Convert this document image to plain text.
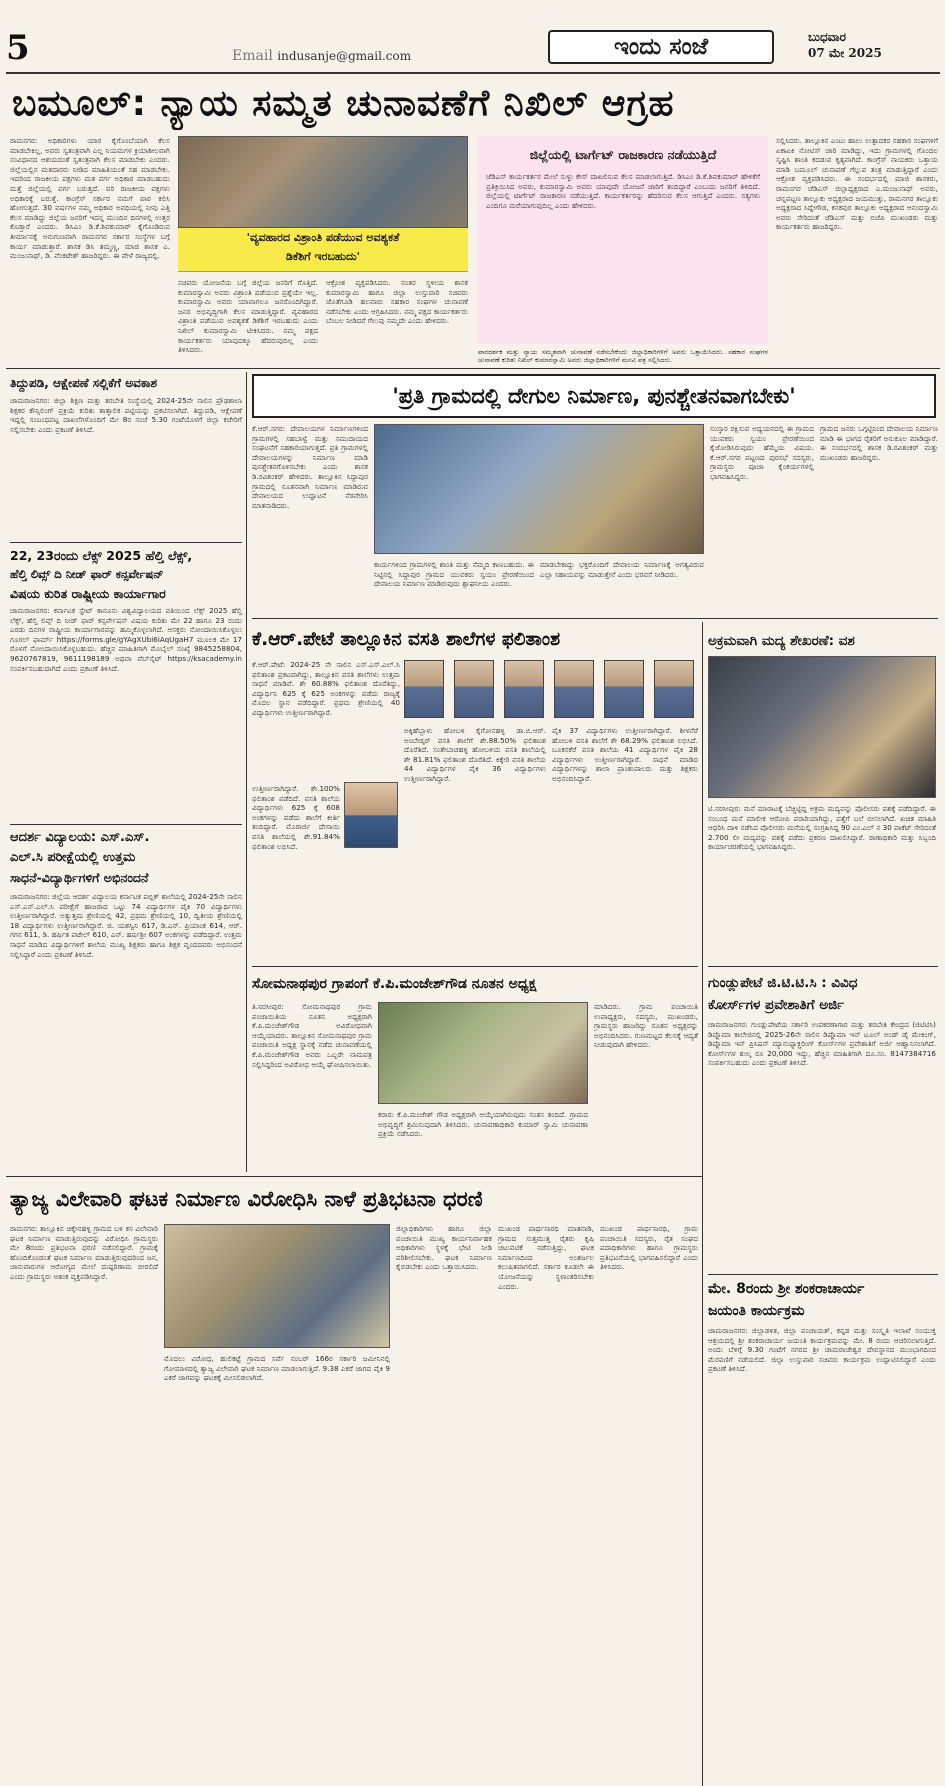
5	Email indusanje@gmail.com	ಇಂದು ಸಂಜೆ	ಬುಧವಾರ
07 ಮೇ 2025
ಬಮೂಲ್: ನ್ಯಾಯ ಸಮ್ಮತ ಚುನಾವಣೆಗೆ ನಿಖಿಲ್ ಆಗ್ರಹ
ರಾಮನಗರ: ಅಧಿಕಾರಿಗಳು ಯಾರ ಕೈಗೊಂಬೆಯಾಗಿ ಕೆಲಸ ಮಾಡಬೇಕಿಲ್ಲ, ಅವರು ಸ್ವತಂತ್ರವಾಗಿ ಎಲ್ಲ ನಿಯಮಗಳ ಕ್ರಿಯಾಶೀಲವಾಗಿ ಸಂವಿಧಾನದ ಆಶಯದಂತೆ ಸ್ವತಂತ್ರವಾಗಿ ಕೆಲಸ ಮಾಡಬೇಕು ಎಂದರು. ಜಿಲ್ಲೆಯಲ್ಲಿನ ಮತದಾರರು ನೀಡಿದ ಮಾಹಿತಿಯಂತೆ ಸಹ ಮಾಡಬೇಕು. ಇದರಿಂದ ರಾಜಕೀಯ ಪಕ್ಷಗಳು ಮತ ವರ್ಗ ಅಧಿಕಾರ ಮಾಡಬಹುದು ಮತ್ತೆ ಜಿಲ್ಲೆಯಲ್ಲಿ ವರ್ಗ ಬರುತ್ತದೆ. ವರಿ ರಾಜಕೀಯ ಪಕ್ಷಗಳು ಅಧಿಕಾರಕ್ಕೆ ಬರುತ್ತೆ. ಕಾಂಗ್ರೆಸ್ ಸರ್ಕಾರ ನಮಗೆ ಪಾಠ ಕಲಿಸಿ ಹೋಗುತ್ತದೆ. 30 ವರ್ಷಗಳ ನಮ್ಮ ಅಧಿಕಾರ ಅವಧಿಯಲ್ಲಿ ನೀವು ಎತ್ತಿ ಕೆಲಸ ಮಾಡಿದ್ದು ಜಿಲ್ಲೆಯ ಜನರಿಗೆ ಇದನ್ನ ಮುಂದಿನ ದಿನಗಳಲ್ಲಿ ಉತ್ತರ ಕೊಡ್ತಾರೆ ಎಂದರು. ಡಿಸಿಎಂ ಡಿ.ಕೆ.ಶಿವಕುಮಾರ್ ಕೈಗೊಂಡಿರುವ ತೀರ್ಮಾನಕ್ಕೆ ಅನುಗುಣವಾಗಿ ರಾಮನಗರ ಸರ್ಕಾರ ಸಂಸ್ಥೆಗಳ ಬಗ್ಗೆ ಕಾರ್ಯ ಮಾಡುತ್ತಾರೆ. ಶಾಸಕ ಡಿಸಿ ತಮ್ಮಣ್ಣ, ಮಾಜಿ ಶಾಸಕ ಎ. ಮಂಜುನಾಥ್, ಡಿ. ವೆಂಕಟೇಶ್ ಹಾಜರಿದ್ದರು. ಈ ವೇಳೆ ರಾಜ್ಯದಲ್ಲಿ.
'ವ್ಯವಹಾರದ ವಿಶ್ರಾಂತಿ ಪಡೆಯುವ ಅವಶ್ಯಕತೆ
ಡಿಕೆಶಿಗೆ ಇರಬಹುದು'
ಸಚಿವರು ಯೋಜನೆಯ ಬಗ್ಗೆ ಜಿಲ್ಲೆಯ ಜನರಿಗೆ ಗೊತ್ತಿದೆ. ಕುಮಾರಸ್ವಾಮಿ ಅವರು ವಿಶ್ರಾಂತಿ ಪಡೆಯುವ ಪ್ರಶ್ನೆಯೇ ಇಲ್ಲ. ಕುಮಾರಸ್ವಾಮಿ ಅವರು ಯಾವಾಗಲೂ ಜನರೊಂದಿಗಿದ್ದಾರೆ. ಜನರ ಅಭಿವೃದ್ಧಿಗಾಗಿ ಕೆಲಸ ಮಾಡುತ್ತಿದ್ದಾರೆ. ವ್ಯವಹಾರದ ವಿಶ್ರಾಂತಿ ಪಡೆಯುವ ಅವಶ್ಯಕತೆ ಡಿಕೆಶಿಗೆ ಇರಬಹುದು ಎಂದು ನಿಖಿಲ್ ಕುಮಾರಸ್ವಾಮಿ ಟೀಕಿಸಿದರು. ನಮ್ಮ ಪಕ್ಷದ ಕಾರ್ಯಕರ್ತರು ಯಾವುದಕ್ಕೂ ಹೆದರುವುದಿಲ್ಲ ಎಂದು ತಿಳಿಸಿದರು.
ಆಕ್ರೋಶ ವ್ಯಕ್ತಪಡಿಸಿದರು. ನಂತರ ಸ್ಥಳೀಯ ಶಾಸಕ ಕುಮಾರಸ್ವಾಮಿ ಹಾಗೂ ಜಿಲ್ಲಾ ಉಸ್ತುವಾರಿ ಸಚಿವರು ಜೊತೆಗೂಡಿ ಹಲವಾರು ಸಹಕಾರ ಸಂಘಗಳ ಚುನಾವಣೆ ನಡೆಸಬೇಕು ಎಂದು ಆಗ್ರಹಿಸಿದರು. ನಮ್ಮ ಪಕ್ಷದ ಕಾರ್ಯಕರ್ತರು ಬೆಂಬಲ ನೀಡಿದರೆ ಗೆಲುವು ನಮ್ಮದೇ ಎಂದು ಹೇಳಿದರು.
ಜಿಲ್ಲೆಯಲ್ಲಿ ಟಾರ್ಗೆಟ್ ರಾಜಕಾರಣ ನಡೆಯುತ್ತಿದೆ
ಜೆಡಿಎಸ್ ಕಾರ್ಯಕರ್ತರ ಮೇಲೆ ಸುಳ್ಳು ಕೇಸ್ ದಾಖಲಿಸುವ ಕೆಲಸ ಮಾಡಲಾಗುತ್ತಿದೆ. ಡಿಸಿಎಂ ಡಿ.ಕೆ.ಶಿವಕುಮಾರ್ ಹೇಳಿಕೆಗೆ ಪ್ರತಿಕ್ರಿಯಿಸಿದ ಅವರು, ಕುಮಾರಸ್ವಾಮಿ ಅವರು ಯಾವುದೇ ಯೋಜನೆ ಜಾರಿಗೆ ತಂದಿದ್ದಾರೆ ಎಂಬುದು ಜನರಿಗೆ ತಿಳಿದಿದೆ. ಜಿಲ್ಲೆಯಲ್ಲಿ ಟಾರ್ಗೆಟ್ ರಾಜಕಾರಣ ನಡೆಯುತ್ತಿದೆ. ಕಾರ್ಯಕರ್ತರನ್ನು ಹೆದರಿಸುವ ಕೆಲಸ ಆಗುತ್ತಿದೆ ಎಂದರು. ಸತ್ಯಗಳು ಎಂದಿಗೂ ಮರೆಯಾಗುವುದಿಲ್ಲ ಎಂದು ಹೇಳಿದರು.
ಪಾರದರ್ಶಕ ಮತ್ತು ನ್ಯಾಯ ಸಮ್ಮತವಾಗಿ ಚುನಾವಣೆ ನಡೆಸಬೇಕೆಂದು ಜಿಲ್ಲಾಧಿಕಾರಿಗಳಿಗೆ ಅವರು ಒತ್ತಾಯಿಸಿದರು. ಸಹಕಾರ ಸಂಘಗಳ ಚುನಾವಣೆ ಕುರಿತು ನಿಖಿಲ್ ಕುಮಾರಸ್ವಾಮಿ ಅವರು ಜಿಲ್ಲಾಧಿಕಾರಿಗಳಿಗೆ ಮನವಿ ಪತ್ರ ಸಲ್ಲಿಸಿದರು.
ಸಲ್ಲಿಸಿದರು. ತಾಲ್ಲೂಕಿನ ಎಂಟು ಹಾಲು ಉತ್ಪಾದಕರ ಸಹಕಾರ ಸಂಘಗಳಿಗೆ ಏಕಾಏಕಿ ನೋಟಿಸ್ ಜಾರಿ ಮಾಡಿದ್ದು, ಇದು ಗ್ರಾಮಗಳಲ್ಲಿ ಗೊಂದಲ ಸೃಷ್ಟಿಸಿ ಶಾಂತಿ ಕದಡುವ ಕೃತ್ಯವಾಗಿದೆ. ಕಾಂಗ್ರೆಸ್ ನಾಯಕರು ಒತ್ತಾಯ ಮಾಡಿ ಬಮೂಲ್ ಚುನಾವಣೆ ಗೆಲ್ಲುವ ತಂತ್ರ ಮಾಡುತ್ತಿದ್ದಾರೆ ಎಂದು ಆಕ್ರೋಶ ವ್ಯಕ್ತಪಡಿಸಿದರು. ಈ ಸಂದರ್ಭದಲ್ಲಿ ಮಾಜಿ ಶಾಸಕರು, ರಾಮನಗರ ಜೆಡಿಎಸ್ ಜಿಲ್ಲಾಧ್ಯಕ್ಷರಾದ ಎ.ಮಂಜುನಾಥ್ ಅವರು, ಚನ್ನಪಟ್ಟಣ ತಾಲ್ಲೂಕು ಅಧ್ಯಕ್ಷರಾದ ಜಯಮುತ್ತು, ರಾಮನಗರ ತಾಲ್ಲೂಕು ಅಧ್ಯಕ್ಷರಾದ ಸಿದ್ದೇಗೌಡ, ಕನಕಪುರ ತಾಲ್ಲೂಕು ಅಧ್ಯಕ್ಷರಾದ ಆನಂದಸ್ವಾಮಿ ಅವರು ಸೇರಿದಂತೆ ಜೆಡಿಎಸ್ ಮತ್ತು ಬಿಜೆಪಿ ಮುಖಂಡರು ಮತ್ತು ಕಾರ್ಯಕರ್ತರು ಹಾಜರಿದ್ದರು.
ತಿದ್ದುಪಡಿ, ಆಕ್ಷೇಪಣೆ ಸಲ್ಲಿಕೆಗೆ ಅವಕಾಶ
ಚಾಮರಾಜನಗರ: ಜಿಲ್ಲಾ ಶಿಕ್ಷಣ ಮತ್ತು ತರಬೇತಿ ಸಂಸ್ಥೆಯಲ್ಲಿ 2024-25ನೇ ಸಾಲಿನ ಪ್ರೌಢಶಾಲಾ ಶಿಕ್ಷಕರ ಕೌನ್ಸಿಲಿಂಗ್ ಪ್ರಕ್ರಿಯೆ ಕುರಿತು ತಾತ್ಕಾಲಿಕ ಪಟ್ಟಿಯನ್ನು ಪ್ರಕಟಿಸಲಾಗಿದೆ. ತಿದ್ದುಪಡಿ, ಆಕ್ಷೇಪಣೆ ಇದ್ದಲ್ಲಿ ಸಂಬಂಧಪಟ್ಟ ದಾಖಲೆಗಳೊಂದಿಗೆ ಮೇ 8ರ ಸಂಜೆ 5.30 ಗಂಟೆಯೊಳಗೆ ಜಿಲ್ಲಾ ಕಚೇರಿಗೆ ಸಲ್ಲಿಸಬೇಕು ಎಂದು ಪ್ರಕಟಣೆ ತಿಳಿಸಿದೆ.
22, 23ರಂದು ಲೆಕ್ಸ್ 2025 ಹೆಲ್ತಿ ಲೆಕ್ಸ್,
ಹೆಲ್ತಿ ಲಿವ್ಸ್ ದಿ ನೀಡ್ ಫಾರ್ ಕನ್ಸರ್ವೇಷನ್
ವಿಷಯ ಕುರಿತ ರಾಷ್ಟ್ರೀಯ ಕಾರ್ಯಾಗಾರ
ಚಾಮರಾಜನಗರ: ಕರ್ನಾಟಕ ಸ್ಟೇಟ್ ಕಾನೂನು ವಿಶ್ವವಿದ್ಯಾಲಯದ ವತಿಯಿಂದ ಲೆಕ್ಸ್ 2025 ಹೆಲ್ತಿ ಲೆಕ್ಸ್, ಹೆಲ್ತಿ ಲಿವ್ಸ್ ದಿ ನೀಡ್ ಫಾರ್ ಕನ್ಸರ್ವೇಷನ್ ವಿಷಯ ಕುರಿತು ಮೇ 22 ಹಾಗೂ 23 ರಂದು ಎರಡು ದಿನಗಳ ರಾಷ್ಟ್ರೀಯ ಕಾರ್ಯಾಗಾರವನ್ನು ಹಮ್ಮಿಕೊಳ್ಳಲಾಗಿದೆ. ಆಸಕ್ತರು ನೋಂದಾಯಿಸಿಕೊಳ್ಳಲು ಗೂಗಲ್ ಫಾರ್ಮ್ https://forms.gle/gYAgXUbi6iAqUgaH7 ಮೂಲಕ ಮೇ 17 ರೊಳಗೆ ನೋಂದಾಯಿಸಿಕೊಳ್ಳಬಹುದು. ಹೆಚ್ಚಿನ ಮಾಹಿತಿಗಾಗಿ ಮೊಬೈಲ್ ಸಂಖ್ಯೆ 9845258804, 9620767819, 9611198189 ಅಥವಾ ವೆಬ್‌ಸೈಟ್ https://ksacademy.in ಸಂಪರ್ಕಿಸಬಹುದಾಗಿದೆ ಎಂದು ಪ್ರಕಟಣೆ ತಿಳಿಸಿದೆ.
ಆದರ್ಶ ವಿದ್ಯಾಲಯ: ಎಸ್.ಎಸ್.
ಎಲ್.ಸಿ ಪರೀಕ್ಷೆಯಲ್ಲಿ ಉತ್ತಮ
ಸಾಧನೆ-ವಿದ್ಯಾರ್ಥಿಗಳಿಗೆ ಅಭಿನಂದನೆ
ಚಾಮರಾಜನಗರ: ಜಿಲ್ಲೆಯ ಆದರ್ಶ ವಿದ್ಯಾಲಯ ಕರ್ನಾಟಕ ಪಬ್ಲಿಕ್ ಶಾಲೆಯಲ್ಲಿ 2024-25ನೇ ಸಾಲಿನ ಎಸ್.ಎಸ್.ಎಲ್.ಸಿ ಪರೀಕ್ಷೆಗೆ ಹಾಜರಾದ ಒಟ್ಟು 74 ವಿದ್ಯಾರ್ಥಿಗಳ ಪೈಕಿ 70 ವಿದ್ಯಾರ್ಥಿಗಳು ಉತ್ತೀರ್ಣರಾಗಿದ್ದಾರೆ. ಅತ್ಯುತ್ತಮ ಶ್ರೇಣಿಯಲ್ಲಿ 42, ಪ್ರಥಮ ಶ್ರೇಣಿಯಲ್ಲಿ 10, ದ್ವಿತೀಯ ಶ್ರೇಣಿಯಲ್ಲಿ 18 ವಿದ್ಯಾರ್ಥಿಗಳು ಉತ್ತೀರ್ಣರಾಗಿದ್ದಾರೆ. ಜಿ. ಯಶಸ್ವಿನಿ 617, ಡಿ.ಎನ್. ಪ್ರಿಯಾಂಕ 614, ಆರ್. ಗಗನ 611, ಡಿ. ಹರ್ಷಿತ ಪಟೇಲ್ 610, ಎನ್. ಹರ್ಷಶ್ರೀ 607 ಅಂಕಗಳನ್ನು ಪಡೆದಿದ್ದಾರೆ. ಉತ್ತಮ ಸಾಧನೆ ಮಾಡಿದ ವಿದ್ಯಾರ್ಥಿಗಳಿಗೆ ಶಾಲೆಯ ಮುಖ್ಯ ಶಿಕ್ಷಕರು ಹಾಗೂ ಶಿಕ್ಷಕ ವೃಂದದವರು ಅಭಿನಂದನೆ ಸಲ್ಲಿಸಿದ್ದಾರೆ ಎಂದು ಪ್ರಕಟಣೆ ತಿಳಿಸಿದೆ.
'ಪ್ರತಿ ಗ್ರಾಮದಲ್ಲಿ ದೇಗುಲ ನಿರ್ಮಾಣ, ಪುನಶ್ಚೇತನವಾಗಬೇಕು'
ಕೆ.ಆರ್.ನಗರ: ದೇವಾಲಯಗಳ ನಿರ್ಮಾಣಗಳಿಂದ ಗ್ರಾಮಗಳಲ್ಲಿ ಸಹಬಾಳ್ವೆ ಮತ್ತು ಸಮುದಾಯದ ಸಂಘಟನೆಗೆ ಸಹಕಾರಿಯಾಗುತ್ತದೆ. ಪ್ರತಿ ಗ್ರಾಮಗಳಲ್ಲಿ ದೇವಾಲಯಗಳನ್ನು ನಿರ್ಮಾಣ ಮಾಡಿ ಪುನಶ್ಚೇತನಗೊಳಿಸಬೇಕು ಎಂದು ಶಾಸಕ ಡಿ.ರವಿಶಂಕರ್ ಹೇಳಿದರು. ತಾಲ್ಲೂಕಿನ ಸಿದ್ದಾಪುರ ಗ್ರಾಮದಲ್ಲಿ ನೂತನವಾಗಿ ನಿರ್ಮಾಣ ಮಾಡಿರುವ ದೇವಾಲಯದ ಉದ್ಘಾಟನೆ ನೆರವೇರಿಸಿ ಮಾತನಾಡಿದರು.
ಕಾರ್ಯಗಳಿಂದ ಗ್ರಾಮಗಳಲ್ಲಿ ಶಾಂತಿ ಮತ್ತು ನೆಮ್ಮದಿ ಕಾಣಬಹುದು. ಈ ನಿಟ್ಟಿನಲ್ಲಿ ಸಿದ್ದಾಪುರ ಗ್ರಾಮದ ಯುವಕರು ಸ್ವಯಂ ಪ್ರೇರಣೆಯಿಂದ ದೇವಾಲಯ ನಿರ್ಮಾಣ ಮಾಡಿರುವುದು ಶ್ಲಾಘನೀಯ ಎಂದರು.
ಮಾಡಬೇಕಾದ್ದು ಭಕ್ತರೊಂದಿಗೆ ದೇವಾಲಯ ನಿರ್ಮಾಣಕ್ಕೆ ಅಗತ್ಯವಿರುವ ಎಲ್ಲಾ ಸಹಾಯವನ್ನು ಮಾಡುತ್ತೇನೆ ಎಂದು ಭರವಸೆ ನೀಡಿದರು.
ಸಂಸ್ಕಾರ ರಕ್ಷಿಸುವ ಅಧ್ಯಯನದಲ್ಲಿ ಈ ಗ್ರಾಮದ ಯುವಕರು ಸ್ವಯಂ ಪ್ರೇರಣೆಯಿಂದ ಕೈಜೋಡಿಸಿರುವುದು ಹೆಮ್ಮೆಯ ವಿಷಯ. ಕೆ.ಆರ್.ನಗರ ಪಟ್ಟಣದ ಪುರಸಭೆ ಸದಸ್ಯರು, ಗ್ರಾಮಸ್ಥರು ಪೂಜಾ ಕೈಂಕರ್ಯಗಳಲ್ಲಿ ಭಾಗವಹಿಸಿದ್ದರು.
ಗ್ರಾಮದ ಜನರು ಒಗ್ಗಟ್ಟಿನಿಂದ ದೇವಾಲಯ ನಿರ್ಮಾಣ ಮಾಡಿ ಈ ಭಾಗದ ರೈತರಿಗೆ ಅನುಕೂಲ ಮಾಡಿದ್ದಾರೆ. ಈ ಸಂದರ್ಭದಲ್ಲಿ ಶಾಸಕ ಡಿ.ರವಿಶಂಕರ್ ಮತ್ತು ಮುಖಂಡರು ಹಾಜರಿದ್ದರು.
ಕೆ.ಆರ್.ಪೇಟೆ ತಾಲ್ಲೂಕಿನ ವಸತಿ ಶಾಲೆಗಳ ಫಲಿತಾಂಶ
ಕೆ.ಆರ್.ಪೇಟೆ: 2024-25 ನೇ ಸಾಲಿನ ಎಸ್.ಎಸ್.ಎಲ್.ಸಿ ಫಲಿತಾಂಶ ಪ್ರಕಟವಾಗಿದ್ದು, ತಾಲ್ಲೂಕಿನ ವಸತಿ ಶಾಲೆಗಳು ಉತ್ತಮ ಸಾಧನೆ ಮಾಡಿವೆ. ಶೇ 60.88% ಫಲಿತಾಂಶ ದೊರೆತಿದ್ದು, ವಿದ್ಯಾರ್ಥಿನಿ 625 ಕ್ಕೆ 625 ಅಂಕಗಳನ್ನು ಪಡೆದು ರಾಜ್ಯಕ್ಕೆ ಮೊದಲ ಸ್ಥಾನ ಪಡೆದಿದ್ದಾರೆ. ಪ್ರಥಮ ಶ್ರೇಣಿಯಲ್ಲಿ 40 ವಿದ್ಯಾರ್ಥಿಗಳು ಉತ್ತೀರ್ಣರಾಗಿದ್ದಾರೆ.
ಅಕ್ಕಿಹೆಬ್ಬಾಳು ಹೋಬಳಿ ಕೈಗೋನಹಳ್ಳಿ ಡಾ.ಬಿ.ಆರ್. ಅಂಬೇಡ್ಕರ್ ವಸತಿ ಶಾಲೆಗೆ ಶೇ.88.50% ಫಲಿತಾಂಶ ದೊರೆತಿದೆ. ಸಂತೇಬಾಚಹಳ್ಳಿ ಹೋಬಳಿಯ ವಸತಿ ಶಾಲೆಯಲ್ಲಿ ಶೇ 81.81% ಫಲಿತಾಂಶ ದೊರೆತಿದೆ. ಕಿಕ್ಕೇರಿ ವಸತಿ ಶಾಲೆಯ 44 ವಿದ್ಯಾರ್ಥಿಗಳ ಪೈಕಿ 36 ವಿದ್ಯಾರ್ಥಿಗಳು ಉತ್ತೀರ್ಣರಾಗಿದ್ದಾರೆ.
ಪೈಕಿ 37 ವಿದ್ಯಾರ್ಥಿಗಳು ಉತ್ತೀರ್ಣರಾಗಿದ್ದಾರೆ. ಶೀಳನೆರೆ ಹೋಬಳಿ ವಸತಿ ಶಾಲೆಗೆ ಶೇ 68.29% ಫಲಿತಾಂಶ ಲಭಿಸಿದೆ. ಬೂಕನಕೆರೆ ವಸತಿ ಶಾಲೆಯ 41 ವಿದ್ಯಾರ್ಥಿಗಳ ಪೈಕಿ 28 ವಿದ್ಯಾರ್ಥಿಗಳು ಉತ್ತೀರ್ಣರಾಗಿದ್ದಾರೆ. ಸಾಧನೆ ಮಾಡಿದ ವಿದ್ಯಾರ್ಥಿಗಳನ್ನು ಶಾಲಾ ಪ್ರಾಂಶುಪಾಲರು ಮತ್ತು ಶಿಕ್ಷಕರು ಅಭಿನಂದಿಸಿದ್ದಾರೆ.
ಉತ್ತೀರ್ಣರಾಗಿದ್ದಾರೆ. ಶೇ.100% ಫಲಿತಾಂಶ ಪಡೆದಿದೆ. ವಸತಿ ಶಾಲೆಯ ವಿದ್ಯಾರ್ಥಿಗಳು 625 ಕ್ಕೆ 608 ಅಂಕಗಳನ್ನು ಪಡೆದು ಶಾಲೆಗೆ ಕೀರ್ತಿ ತಂದಿದ್ದಾರೆ. ಮೊರಾರ್ಜಿ ದೇಸಾಯಿ ವಸತಿ ಶಾಲೆಯಲ್ಲಿ ಶೇ.91.84% ಫಲಿತಾಂಶ ಲಭಿಸಿದೆ.
ಅಕ್ರಮವಾಗಿ ಮದ್ಯ ಶೇಖರಣೆ: ವಶ
ಟಿ.ನರಸೀಪುರ: ಮನೆ ಮಾರಾಟಕ್ಕೆ ಬೆಚ್ಚಿಟ್ಟಿದ್ದ ಅಕ್ರಮ ಮದ್ಯವನ್ನು ಪೊಲೀಸರು ವಶಕ್ಕೆ ಪಡೆದಿದ್ದಾರೆ. ಈ ಸಂಬಂಧ ಮನೆ ಮಾಲೀಕ ಆರೋಪಿ ಪರಾರಿಯಾಗಿದ್ದು, ಪತ್ತೆಗೆ ಬಲೆ ಬೀಸಲಾಗಿದೆ. ಖಚಿತ ಮಾಹಿತಿ ಆಧರಿಸಿ ದಾಳಿ ನಡೆಸಿದ ಪೊಲೀಸರು ಮನೆಯಲ್ಲಿ ಸಂಗ್ರಹಿಸಿದ್ದ 90 ಎಂ.ಎಲ್ ನ 30 ಪಾಕೆಟ್ ಸೇರಿದಂತೆ 2.700 ಲೀ ಮದ್ಯವನ್ನು ವಶಕ್ಕೆ ಪಡೆದು ಪ್ರಕರಣ ದಾಖಲಿಸಿದ್ದಾರೆ. ಠಾಣಾಧಿಕಾರಿ ಮತ್ತು ಸಿಬ್ಬಂದಿ ಕಾರ್ಯಾಚರಣೆಯಲ್ಲಿ ಭಾಗವಹಿಸಿದ್ದರು.
ಸೋಮನಾಥಪುರ ಗ್ರಾಪಂಗೆ ಕೆ.ಪಿ.ಮಂಜೇಶ್‌ಗೌಡ ನೂತನ ಅಧ್ಯಕ್ಷ
ತಿ.ನರಸೀಪುರ: ಸೋಮನಾಥಪುರ ಗ್ರಾಮ ಪಂಚಾಯಿತಿಯ ನೂತನ ಅಧ್ಯಕ್ಷರಾಗಿ ಕೆ.ಪಿ.ಮಂಜೇಶ್‌ಗೌಡ ಅವಿರೋಧವಾಗಿ ಆಯ್ಕೆಯಾದರು. ತಾಲ್ಲೂಕಿನ ಸೋಮನಾಥಪುರ ಗ್ರಾಮ ಪಂಚಾಯಿತಿ ಅಧ್ಯಕ್ಷ ಸ್ಥಾನಕ್ಕೆ ನಡೆದ ಚುನಾವಣೆಯಲ್ಲಿ ಕೆ.ಪಿ.ಮಂಜೇಶ್‌ಗೌಡ ಅವರು ಒಬ್ಬರೇ ನಾಮಪತ್ರ ಸಲ್ಲಿಸಿದ್ದರಿಂದ ಅವಿರೋಧ ಆಯ್ಕೆ ಘೋಷಿಸಲಾಯಿತು.
ಕರಾರು ಕೆ.ಪಿ.ಮಂಜೇಶ್ ಗೌಡ ಅಧ್ಯಕ್ಷರಾಗಿ ಆಯ್ಕೆಯಾಗಿರುವುದು ಸಂತಸ ತಂದಿದೆ. ಗ್ರಾಮದ ಅಭಿವೃದ್ಧಿಗೆ ಶ್ರಮಿಸುವುದಾಗಿ ತಿಳಿಸಿದರು. ಚುನಾವಣಾಧಿಕಾರಿ ಕುಮಾರ್ ಸ್ವಾಮಿ ಚುನಾವಣಾ ಪ್ರಕ್ರಿಯೆ ನಡೆಸಿದರು.
ಮಾಡಿದರು. ಗ್ರಾಮ ಪಂಚಾಯಿತಿ ಉಪಾಧ್ಯಕ್ಷರು, ಸದಸ್ಯರು, ಮುಖಂಡರು, ಗ್ರಾಮಸ್ಥರು ಹಾಜರಿದ್ದು ನೂತನ ಅಧ್ಯಕ್ಷರನ್ನು ಅಭಿನಂದಿಸಿದರು. ಗುಣಮಟ್ಟದ ಕೆಲಸಕ್ಕೆ ಆದ್ಯತೆ ನೀಡುವುದಾಗಿ ಹೇಳಿದರು.
ಗುಂಡ್ಲುಪೇಟೆ ಜಿ.ಟಿ.ಟಿ.ಸಿ : ವಿವಿಧ
ಕೋರ್ಸ್‌ಗಳ ಪ್ರವೇಶಾತಿಗೆ ಅರ್ಜಿ
ಚಾಮರಾಜನಗರ: ಗುಂಡ್ಲುಪೇಟೆಯ ಸರ್ಕಾರಿ ಉಪಕರಣಾಗಾರ ಮತ್ತು ತರಬೇತಿ ಕೇಂದ್ರದ (ಜಿಟಿಟಿಸಿ) ಡಿಪ್ಲೊಮಾ ಕಾಲೇಜಿನಲ್ಲಿ 2025-26ನೇ ಸಾಲಿನ ಡಿಪ್ಲೊಮಾ ಇನ್ ಟೂಲ್ ಅಂಡ್ ಡೈ ಮೇಕಿಂಗ್, ಡಿಪ್ಲೊಮಾ ಇನ್ ಪ್ರಿಸಿಷನ್ ಮ್ಯಾನುಫ್ಯಾಕ್ಚರಿಂಗ್ ಕೋರ್ಸ್‌ಗಳ ಪ್ರವೇಶಾತಿಗೆ ಅರ್ಜಿ ಆಹ್ವಾನಿಸಲಾಗಿದೆ. ಕೋರ್ಸ್‌ಗಳ ಶುಲ್ಕ ರೂ 20,000 ಇದ್ದು, ಹೆಚ್ಚಿನ ಮಾಹಿತಿಗಾಗಿ ದೂ.ಸಂ. 8147384716 ಸಂಪರ್ಕಿಸಬಹುದು ಎಂದು ಪ್ರಕಟಣೆ ತಿಳಿಸಿದೆ.
ಮೇ. 8ರಂದು ಶ್ರೀ ಶಂಕರಾಚಾರ್ಯ
ಜಯಂತಿ ಕಾರ್ಯಕ್ರಮ
ಚಾಮರಾಜನಗರ: ಜಿಲ್ಲಾಡಳಿತ, ಜಿಲ್ಲಾ ಪಂಚಾಯತ್, ಕನ್ನಡ ಮತ್ತು ಸಂಸ್ಕೃತಿ ಇಲಾಖೆ ಸಂಯುಕ್ತ ಆಶ್ರಯದಲ್ಲಿ ಶ್ರೀ ಶಂಕರಾಚಾರ್ಯ ಜಯಂತಿ ಕಾರ್ಯಕ್ರಮವನ್ನು ಮೇ. 8 ರಂದು ಆಚರಿಸಲಾಗುತ್ತಿದೆ. ಅಂದು ಬೆಳಿಗ್ಗೆ 9.30 ಗಂಟೆಗೆ ನಗರದ ಶ್ರೀ ಚಾಮರಾಜೇಶ್ವರ ದೇವಸ್ಥಾನದ ಮುಂಭಾಗದಿಂದ ಮೆರವಣಿಗೆ ನಡೆಯಲಿದೆ. ಜಿಲ್ಲಾ ಉಸ್ತುವಾರಿ ಸಚಿವರು ಕಾರ್ಯಕ್ರಮ ಉದ್ಘಾಟಿಸಲಿದ್ದಾರೆ ಎಂದು ಪ್ರಕಟಣೆ ತಿಳಿಸಿದೆ.
ತ್ಯಾಜ್ಯ ವಿಲೇವಾರಿ ಘಟಕ ನಿರ್ಮಾಣ ವಿರೋಧಿಸಿ ನಾಳೆ ಪ್ರತಿಭಟನಾ ಧರಣಿ
ರಾಮನಗರ: ತಾಲ್ಲೂಕಿನ ಚಿಕ್ಕೇನಹಳ್ಳಿ ಗ್ರಾಮದ ಬಳಿ ಕಸ ವಿಲೇವಾರಿ ಘಟಕ ನಿರ್ಮಾಣ ಮಾಡುತ್ತಿರುವುದನ್ನು ವಿರೋಧಿಸಿ ಗ್ರಾಮಸ್ಥರು ಮೇ 8ರಂದು ಪ್ರತಿಭಟನಾ ಧರಣಿ ನಡೆಸಲಿದ್ದಾರೆ. ಗ್ರಾಮಕ್ಕೆ ಹೊಂದಿಕೊಂಡಂತೆ ಘಟಕ ನಿರ್ಮಾಣ ಮಾಡುತ್ತಿರುವುದರಿಂದ ಜನ, ಜಾನುವಾರುಗಳ ಆರೋಗ್ಯದ ಮೇಲೆ ದುಷ್ಪರಿಣಾಮ ಬೀರಲಿದೆ ಎಂದು ಗ್ರಾಮಸ್ಥರು ಆತಂಕ ವ್ಯಕ್ತಪಡಿಸಿದ್ದಾರೆ.
ಮೊದಲು ವಿರೋಧ, ಹುಲಿಕಟ್ಟೆ ಗ್ರಾಮದ ಸರ್ವೆ ನಂಬರ್ 166ರ ಸರ್ಕಾರಿ ಜಮೀನಿನಲ್ಲಿ ಗೋಮಾಳದಲ್ಲಿ ತ್ಯಾಜ್ಯ ವಿಲೇವಾರಿ ಘಟಕ ನಿರ್ಮಾಣ ಮಾಡಲಾಗುತ್ತಿದೆ. 9.38 ಎಕರೆ ಜಾಗದ ಪೈಕಿ 9 ಎಕರೆ ಜಾಗವನ್ನು ಘಟಕಕ್ಕೆ ಮೀಸಲಿಡಲಾಗಿದೆ.
ಜಿಲ್ಲಾಧಿಕಾರಿಗಳು ಹಾಗೂ ಜಿಲ್ಲಾ ಪಂಚಾಯಿತಿ ಮುಖ್ಯ ಕಾರ್ಯನಿರ್ವಾಹಕ ಅಧಿಕಾರಿಗಳು ಸ್ಥಳಕ್ಕೆ ಭೇಟಿ ನೀಡಿ ಪರಿಶೀಲಿಸಬೇಕು. ಘಟಕ ನಿರ್ಮಾಣ ಕೈಬಿಡಬೇಕು ಎಂದು ಒತ್ತಾಯಿಸಿದರು.
ಮುಖಂಡ ಪಾರ್ಥಸಾರಥಿ ಮಾತನಾಡಿ, ಗ್ರಾಮದ ಸುತ್ತಮುತ್ತ ರೈತರು ಕೃಷಿ ಚಟುವಟಿಕೆ ನಡೆಸುತ್ತಿದ್ದು, ಘಟಕ ನಿರ್ಮಾಣದಿಂದ ಅಂತರ್ಜಲ ಕಲುಷಿತವಾಗಲಿದೆ. ಸರ್ಕಾರ ಕೂಡಲೇ ಈ ಯೋಜನೆಯನ್ನು ಸ್ಥಳಾಂತರಿಸಬೇಕು ಎಂದರು.
ಮುಖಂಡ ಪಾರ್ಥಸಾರಥಿ, ಗ್ರಾಮ ಪಂಚಾಯಿತಿ ಸದಸ್ಯರು, ರೈತ ಸಂಘದ ಪದಾಧಿಕಾರಿಗಳು ಹಾಗೂ ಗ್ರಾಮಸ್ಥರು ಪ್ರತಿಭಟನೆಯಲ್ಲಿ ಭಾಗವಹಿಸಲಿದ್ದಾರೆ ಎಂದು ತಿಳಿಸಿದರು.
